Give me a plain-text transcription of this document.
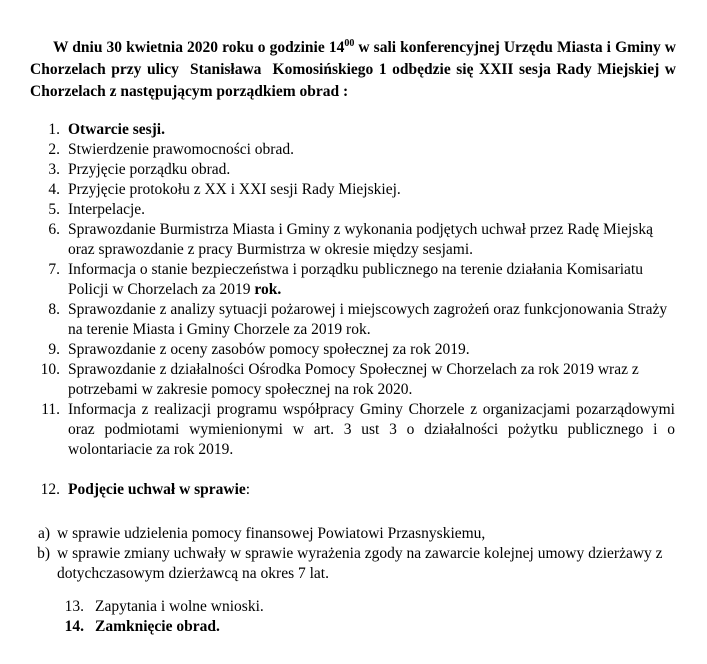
W dniu 30 kwietnia 2020 roku o godzinie $14^{00}$ w sali konferencyjnej Urzędu Miasta i Gminy w Chorzelach przy ulicy  Stanisława  Komosińskiego 1 odbędzie się XXII sesja Rady Miejskiej w Chorzelach z następującym porządkiem obrad :

1. Otwarcie sesji.
2. Stwierdzenie prawomocności obrad.
3. Przyjęcie porządku obrad.
4. Przyjęcie protokołu z XX i XXI sesji Rady Miejskiej.
5. Interpelacje.
6. Sprawozdanie Burmistrza Miasta i Gminy z wykonania podjętych uchwał przez Radę Miejską oraz sprawozdanie z pracy Burmistrza w okresie między sesjami.
7. Informacja o stanie bezpieczeństwa i porządku publicznego na terenie działania Komisariatu Policji w Chorzelach za 2019 rok.
8. Sprawozdanie z analizy sytuacji pożarowej i miejscowych zagrożeń oraz funkcjonowania Straży na terenie Miasta i Gminy Chorzele za 2019 rok.
9. Sprawozdanie z oceny zasobów pomocy społecznej za rok 2019.
10. Sprawozdanie z działalności Ośrodka Pomocy Społecznej w Chorzelach za rok 2019 wraz z potrzebami w zakresie pomocy społecznej na rok 2020.
11. Informacja z realizacji programu współpracy Gminy Chorzele z organizacjami pozarządowymi oraz podmiotami wymienionymi w art. 3 ust 3 o działalności pożytku publicznego i o wolontariacie za rok 2019.
12. Podjęcie uchwał w sprawie:
a) w sprawie udzielenia pomocy finansowej Powiatowi Przasnyskiemu,
b) w sprawie zmiany uchwały w sprawie wyrażenia zgody na zawarcie kolejnej umowy dzierżawy z dotychczasowym dzierżawcą na okres 7 lat.
13. Zapytania i wolne wnioski.
14. Zamknięcie obrad.
